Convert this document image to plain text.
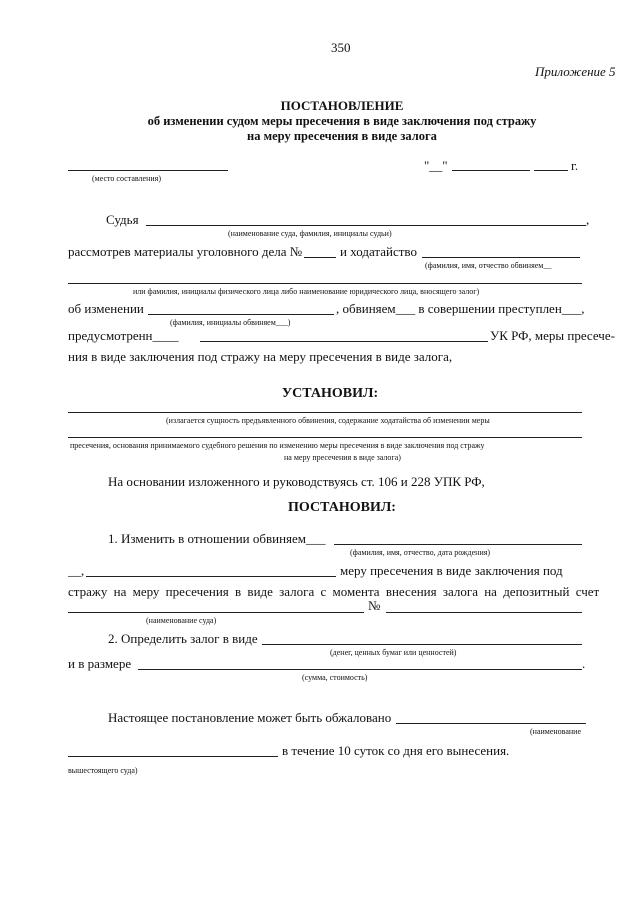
350
Приложение 5
ПОСТАНОВЛЕНИЕ
об изменении судом меры пресечения в виде заключения под стражу
на меру пресечения в виде залога
(место составления)
"__"	г.
Судья	,
(наименование суда, фамилия, инициалы судьи)
рассмотрев материалы уголовного дела №	и ходатайство
(фамилия, имя, отчество обвиняем__
или фамилия, инициалы физического лица либо наименование юридического лица, вносящего залог)
об изменении	, обвиняем___ в совершении преступлен___,
(фамилия, инициалы обвиняем___)
предусмотренн____	УК РФ, меры пресече-
ния в виде заключения под стражу на меру пресечения в виде залога,
УСТАНОВИЛ:
(излагается сущность предъявленного обвинения, содержание ходатайства об изменении меры
пресечения, основания принимаемого судебного решения по изменению меры пресечения в виде заключения под стражу
на меру пресечения в виде залога)
На основании изложенного и руководствуясь ст. 106 и 228 УПК РФ,
ПОСТАНОВИЛ:
1. Изменить в отношении обвиняем___
(фамилия, имя, отчество, дата рождения)
__,	меру пресечения в виде заключения под
стражу на меру пресечения в виде залога с момента внесения залога на депозитный счет
№
(наименование суда)
2. Определить залог в виде
(денег, ценных бумаг или ценностей)
и в размере	.
(сумма, стоимость)
Настоящее постановление может быть обжаловано
(наименование
в течение 10 суток со дня его вынесения.
вышестоящего суда)
